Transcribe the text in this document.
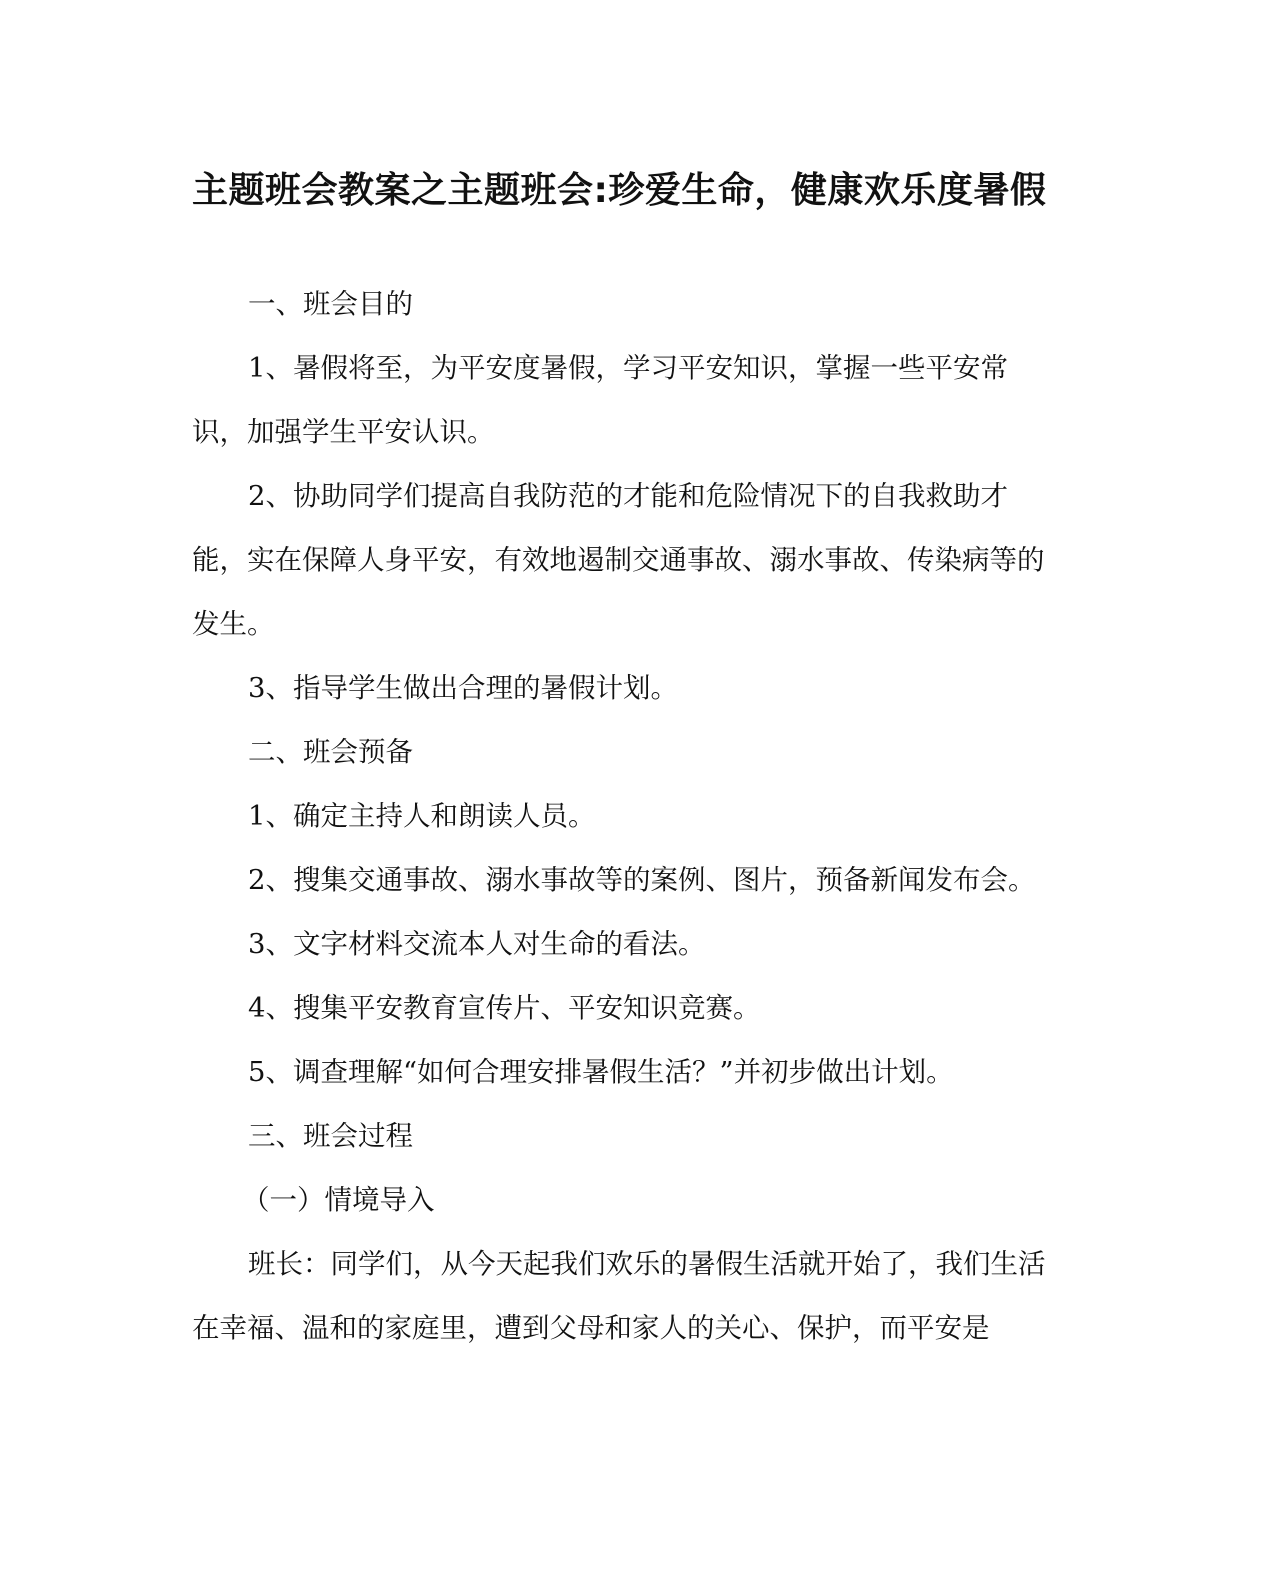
主题班会教案之主题班会:珍爱生命，健康欢乐度暑假

一、班会目的

1、暑假将至，为平安度暑假，学习平安知识，掌握一些平安常识，加强学生平安认识。

2、协助同学们提高自我防范的才能和危险情况下的自我救助才能，实在保障人身平安，有效地遏制交通事故、溺水事故、传染病等的发生。

3、指导学生做出合理的暑假计划。

二、班会预备

1、确定主持人和朗读人员。

2、搜集交通事故、溺水事故等的案例、图片，预备新闻发布会。

3、文字材料交流本人对生命的看法。

4、搜集平安教育宣传片、平安知识竞赛。

5、调查理解“如何合理安排暑假生活？”并初步做出计划。

三、班会过程

（一）情境导入

班长：同学们，从今天起我们欢乐的暑假生活就开始了，我们生活在幸福、温和的家庭里，遭到父母和家人的关心、保护，而平安是
